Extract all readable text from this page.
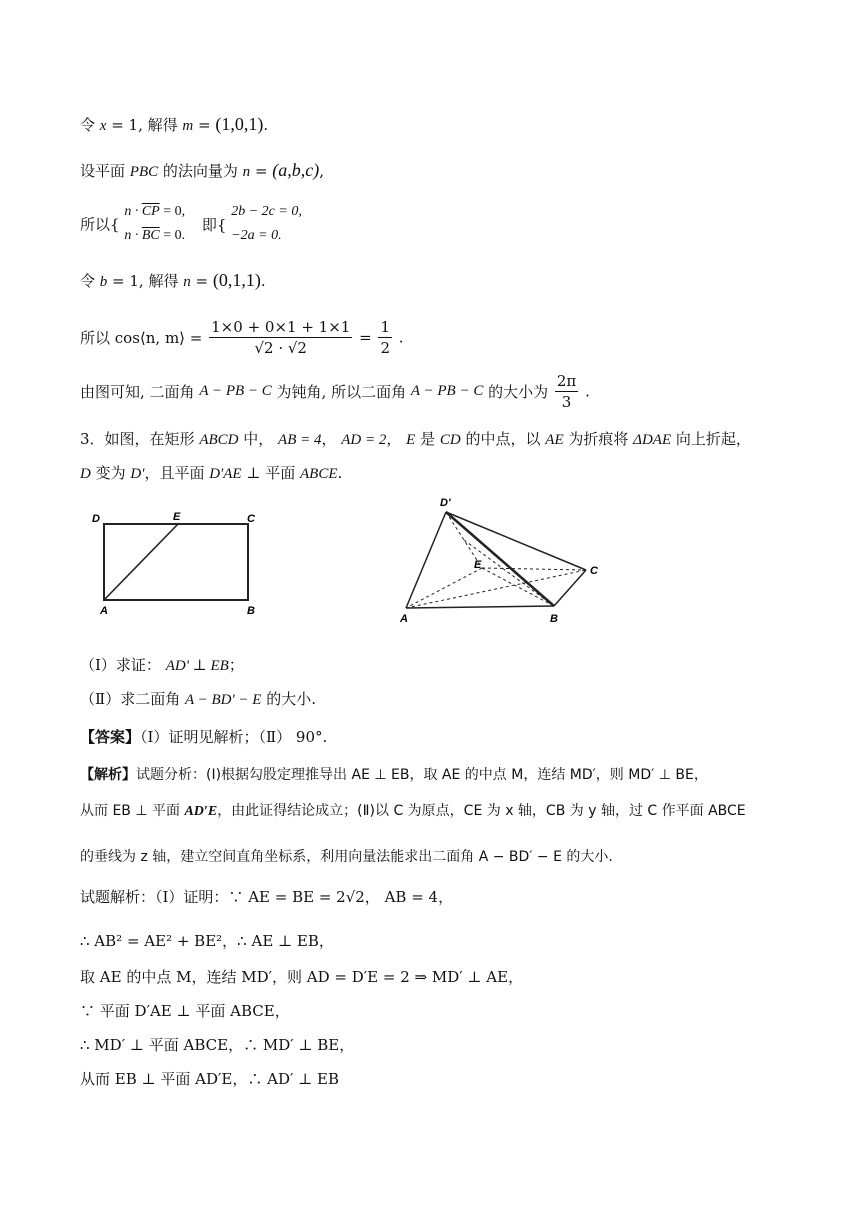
令 x = 1, 解得 m = (1,0,1).
设平面 PBC 的法向量为 n = (a,b,c),
所以{
$n \cdot \overline{CP} = 0$,
$n \cdot \overline{BC} = 0$.
即{
2b − 2c = 0,
−2a = 0.
令 b = 1, 解得 n = (0,1,1).
所以 cos⟨n, m⟩ = $\frac{1\times 0 + 0\times 1 + 1\times 1}{√2 \cdot √2} = \frac{1}{2}$ .
由图可知, 二面角 A − PB − C 为钝角, 所以二面角 A − PB − C 的大小为 $\frac{2\pi}{3}$ .
3．如图，在矩形 ABCD 中， AB = 4， AD = 2， E 是 CD 的中点，以 AE 为折痕将 ΔDAE 向上折起，
D 变为 D'，且平面 D'AE ⊥ 平面 ABCE.
D	E	C
A	B
D'
E	C
A	B
（Ⅰ）求证： AD' ⊥ EB；
（Ⅱ）求二面角 A − BD' − E 的大小.
【答案】（Ⅰ）证明见解析；（Ⅱ） 90°.
【解析】试题分析：(Ⅰ)根据勾股定理推导出 AE ⊥ EB，取 AE 的中点 M，连结 MD′，则 MD′ ⊥ BE，
从而 EB ⊥ 平面 AD′E，由此证得结论成立；(Ⅱ)以 C 为原点，CE 为 x 轴，CB 为 y 轴，过 C 作平面 ABCE
的垂线为 z 轴，建立空间直角坐标系，利用向量法能求出二面角 A − BD′ − E 的大小.
试题解析：（Ⅰ）证明：∵ AE = BE = 2√2， AB = 4，
∴ AB² = AE² + BE²，∴ AE ⊥ EB，
取 AE 的中点 M，连结 MD′，则 AD = D′E = 2 ⇒ MD′ ⊥ AE，
∵ 平面 D′AE ⊥ 平面 ABCE，
∴ MD′ ⊥ 平面 ABCE，∴ MD′ ⊥ BE，
从而 EB ⊥ 平面 AD′E，∴ AD′ ⊥ EB
